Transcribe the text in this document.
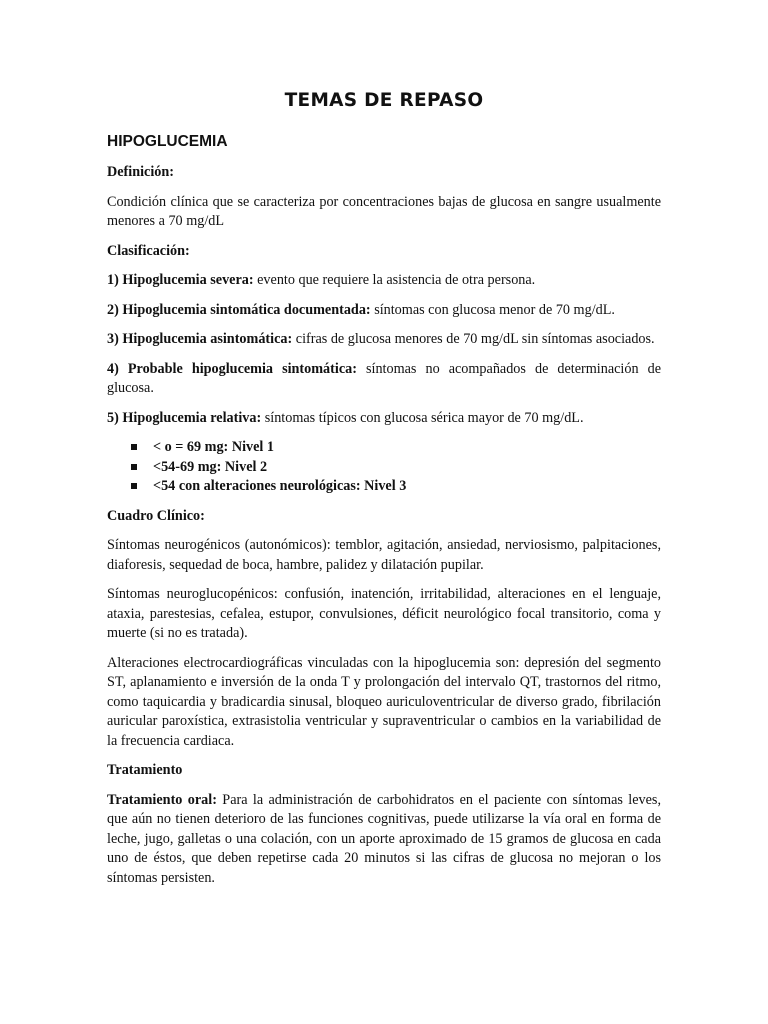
TEMAS DE REPASO
HIPOGLUCEMIA
Definición:

Condición clínica que se caracteriza por concentraciones bajas de glucosa en sangre usualmente menores a 70 mg/dL

Clasificación:

1) Hipoglucemia severa: evento que requiere la asistencia de otra persona.

2) Hipoglucemia sintomática documentada: síntomas con glucosa menor de 70 mg/dL.

3) Hipoglucemia asintomática: cifras de glucosa menores de 70 mg/dL sin síntomas asociados.

4) Probable hipoglucemia sintomática: síntomas no acompañados de determinación de glucosa.

5) Hipoglucemia relativa: síntomas típicos con glucosa sérica mayor de 70 mg/dL.

< o = 69 mg: Nivel 1
<54-69 mg: Nivel 2
<54 con alteraciones neurológicas: Nivel 3
Cuadro Clínico:

Síntomas neurogénicos (autonómicos): temblor, agitación, ansiedad, nerviosismo, palpitaciones, diaforesis, sequedad de boca, hambre, palidez y dilatación pupilar.

Síntomas neuroglucopénicos: confusión, inatención, irritabilidad, alteraciones en el lenguaje, ataxia, parestesias, cefalea, estupor, convulsiones, déficit neurológico focal transitorio, coma y muerte (si no es tratada).

Alteraciones electrocardiográficas vinculadas con la hipoglucemia son: depresión del segmento ST, aplanamiento e inversión de la onda T y prolongación del intervalo QT, trastornos del ritmo, como taquicardia y bradicardia sinusal, bloqueo auriculoventricular de diverso grado, fibrilación auricular paroxística, extrasistolia ventricular y supraventricular o cambios en la variabilidad de la frecuencia cardiaca.

Tratamiento

Tratamiento oral: Para la administración de carbohidratos en el paciente con síntomas leves, que aún no tienen deterioro de las funciones cognitivas, puede utilizarse la vía oral en forma de leche, jugo, galletas o una colación, con un aporte aproximado de 15 gramos de glucosa en cada uno de éstos, que deben repetirse cada 20 minutos si las cifras de glucosa no mejoran o los síntomas persisten.
